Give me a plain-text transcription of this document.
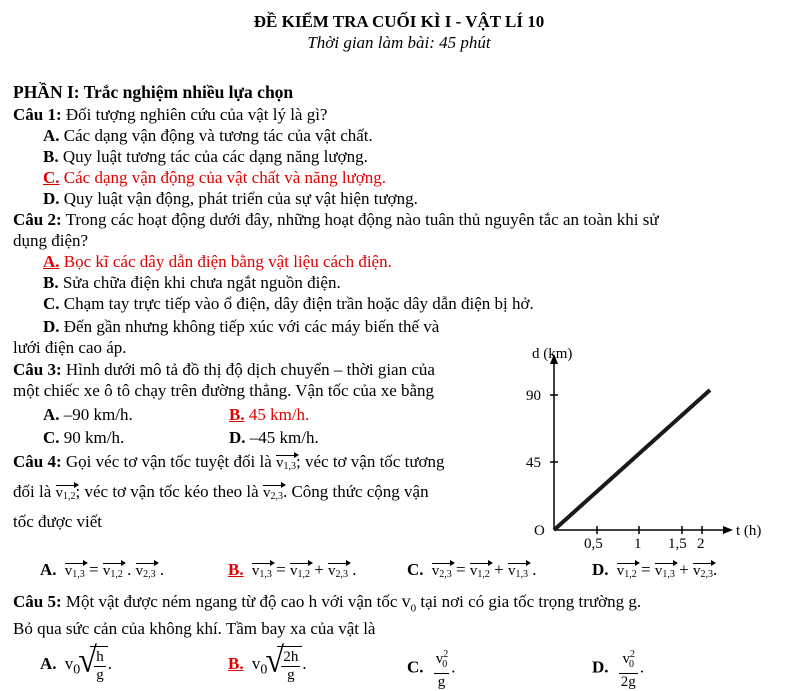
ĐỀ KIỂM TRA CUỐI KÌ I - VẬT LÍ 10
Thời gian làm bài: 45 phút
PHẦN I: Trắc nghiệm nhiều lựa chọn
Câu 1: Đối tượng nghiên cứu của vật lý là gì?
A. Các dạng vận động và tương tác của vật chất.
B. Quy luật tương tác của các dạng năng lượng.
C. Các dạng vận động của vật chất và năng lượng.
D. Quy luật vận động, phát triển của sự vật hiện tượng.
Câu 2: Trong các hoạt động dưới đây, những hoạt động nào tuân thủ nguyên tắc an toàn khi sử
dụng điện?
A. Bọc kĩ các dây dẫn điện bằng vật liệu cách điện.
B. Sửa chữa điện khi chưa ngắt nguồn điện.
C. Chạm tay trực tiếp vào ổ điện, dây điện trần hoặc dây dẫn điện bị hở.
D. Đến gần nhưng không tiếp xúc với các máy biến thế và
lưới điện cao áp.
Câu 3: Hình dưới mô tả đồ thị độ dịch chuyển – thời gian của
một chiếc xe ô tô chạy trên đường thẳng. Vận tốc của xe bằng
A. –90 km/h.	B. 45 km/h.
C. 90 km/h.	D. –45 km/h.
Câu 4: Gọi véc tơ vận tốc tuyệt đối là $v_{1,3}$; véc tơ vận tốc tương
đối là $v_{1,2}$; véc tơ vận tốc kéo theo là $v_{2,3}$. Công thức cộng vận
tốc được viết
A. $v_{1,3} = v_{1,2}$ . $v_{2,3}$ .	B. $v_{1,3} = v_{1,2} + v_{2,3}$ .	C. $v_{2,3} = v_{1,2} + v_{1,3}$ .	D. $v_{1,2} = v_{1,3} + v_{2,3}$.
Câu 5: Một vật được ném ngang từ độ cao h với vận tốc $v_0$ tại nơi có gia tốc trọng trường g.
Bỏ qua sức cản của không khí. Tầm bay xa của vật là
A. $v_0$ √ $\frac{h}{g}$ .	B. $v_0$ √ $\frac{2h}{g}$ .	C. $\frac{v^2_0}{g}$ .	D. $\frac{v^2_0}{2g}$ .
d (km)
90
45
O
0,5 1 1,5 2
t (h)
